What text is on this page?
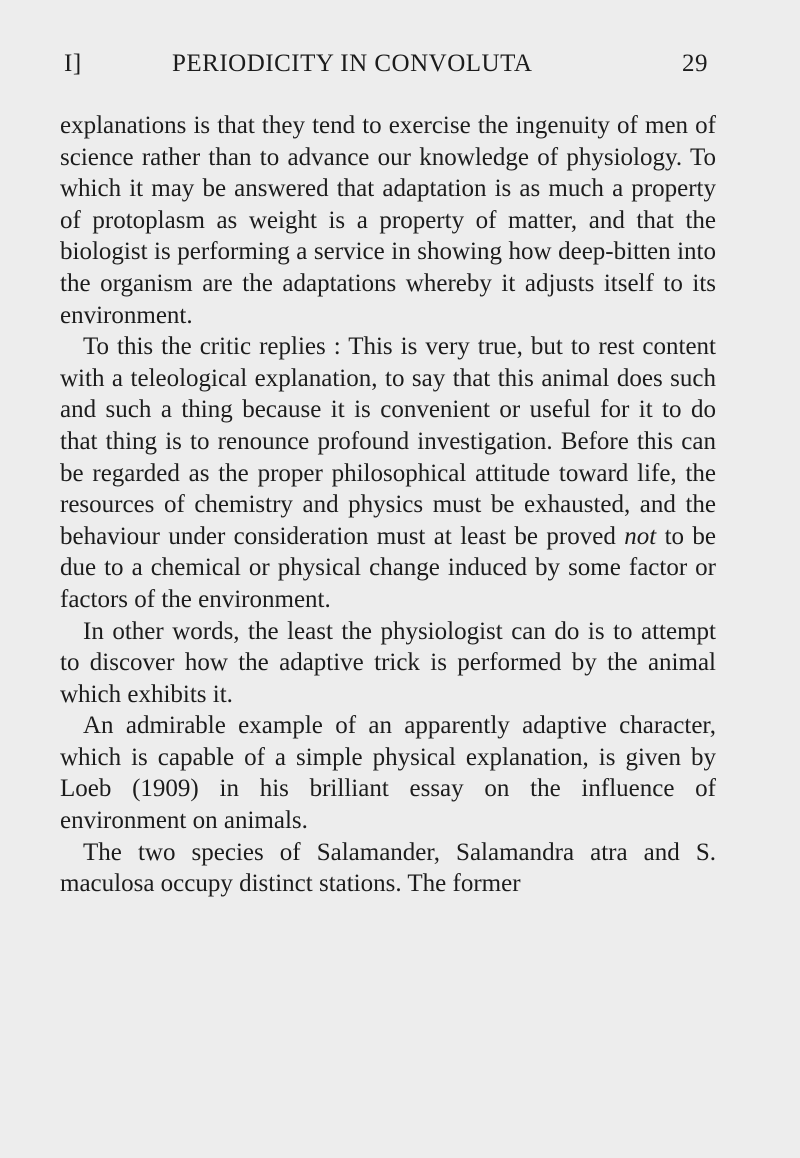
I]	PERIODICITY IN CONVOLUTA	29

explanations is that they tend to exercise the ingenuity of men of science rather than to advance our knowledge of physiology. To which it may be answered that adaptation is as much a property of protoplasm as weight is a property of matter, and that the biologist is performing a service in showing how deep-bitten into the organism are the adaptations whereby it adjusts itself to its environment.

To this the critic replies : This is very true, but to rest content with a teleological explanation, to say that this animal does such and such a thing because it is convenient or useful for it to do that thing is to renounce profound investigation. Before this can be regarded as the proper philosophical attitude toward life, the resources of chemistry and physics must be exhausted, and the behaviour under consideration must at least be proved not to be due to a chemical or physical change induced by some factor or factors of the environment.

In other words, the least the physiologist can do is to attempt to discover how the adaptive trick is performed by the animal which exhibits it.

An admirable example of an apparently adaptive character, which is capable of a simple physical explanation, is given by Loeb (1909) in his brilliant essay on the influence of environment on animals.

The two species of Salamander, Salamandra atra and S. maculosa occupy distinct stations. The former
